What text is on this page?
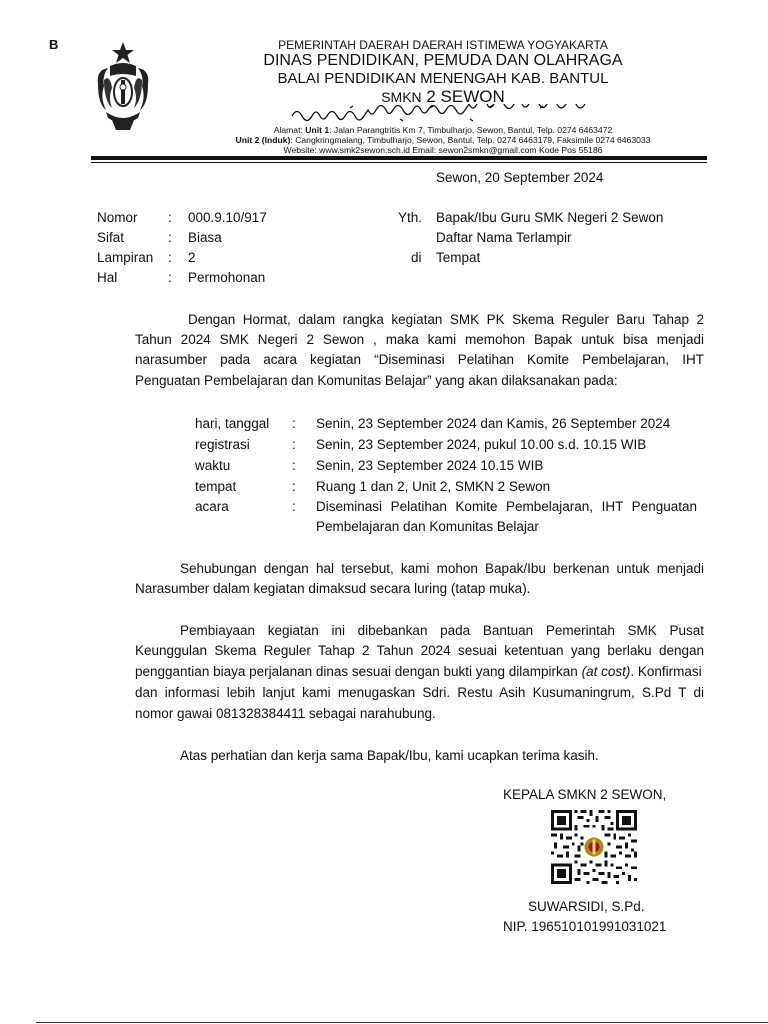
B	PEMERINTAH DAERAH DAERAH ISTIMEWA YOGYAKARTA
DINAS PENDIDIKAN, PEMUDA DAN OLAHRAGA
BALAI PENDIDIKAN MENENGAH KAB. BANTUL
SMKN 2 SEWON
Alamat: Unit 1: Jalan Parangtritis Km 7, Timbulharjo, Sewon, Bantul, Telp. 0274 6463472
Unit 2 (Induk): Cangkringmalang, Timbulharjo, Sewon, Bantul, Telp. 0274 6463179, Faksimile 0274 6463033
Website: www.smk2sewon.sch.id Email: sewon2smkn@gmail.com Kode Pos 55186
Sewon, 20 September 2024
Nomor : 000.9.10/917
Sifat	: Biasa
Lampiran : 2
Hal	: Permohonan
Yth. Bapak/Ibu Guru SMK Negeri 2 Sewon
Daftar Nama Terlampir
di Tempat
Dengan Hormat, dalam rangka kegiatan SMK PK Skema Reguler Baru Tahap 2
Tahun 2024 SMK Negeri 2 Sewon , maka kami memohon Bapak untuk bisa menjadi
narasumber pada acara kegiatan “Diseminasi Pelatihan Komite Pembelajaran, IHT
Penguatan Pembelajaran dan Komunitas Belajar” yang akan dilaksanakan pada:
hari, tanggal : Senin, 23 September 2024 dan Kamis, 26 September 2024
registrasi	: Senin, 23 September 2024, pukul 10.00 s.d. 10.15 WIB
waktu	: Senin, 23 September 2024 10.15 WIB
tempat	: Ruang 1 dan 2, Unit 2, SMKN 2 Sewon
acara	: Diseminasi Pelatihan Komite Pembelajaran, IHT Penguatan
Pembelajaran dan Komunitas Belajar
Sehubungan dengan hal tersebut, kami mohon Bapak/Ibu berkenan untuk menjadi
Narasumber dalam kegiatan dimaksud secara luring (tatap muka).
Pembiayaan kegiatan ini dibebankan pada Bantuan Pemerintah SMK Pusat
Keunggulan Skema Reguler Tahap 2 Tahun 2024 sesuai ketentuan yang berlaku dengan
penggantian biaya perjalanan dinas sesuai dengan bukti yang dilampirkan (at cost). Konfirmasi
dan informasi lebih lanjut kami menugaskan Sdri. Restu Asih Kusumaningrum, S.Pd T di
nomor gawai 081328384411 sebagai narahubung.
Atas perhatian dan kerja sama Bapak/Ibu, kami ucapkan terima kasih.
KEPALA SMKN 2 SEWON,
SUWARSIDI, S.Pd.
NIP. 196510101991031021
